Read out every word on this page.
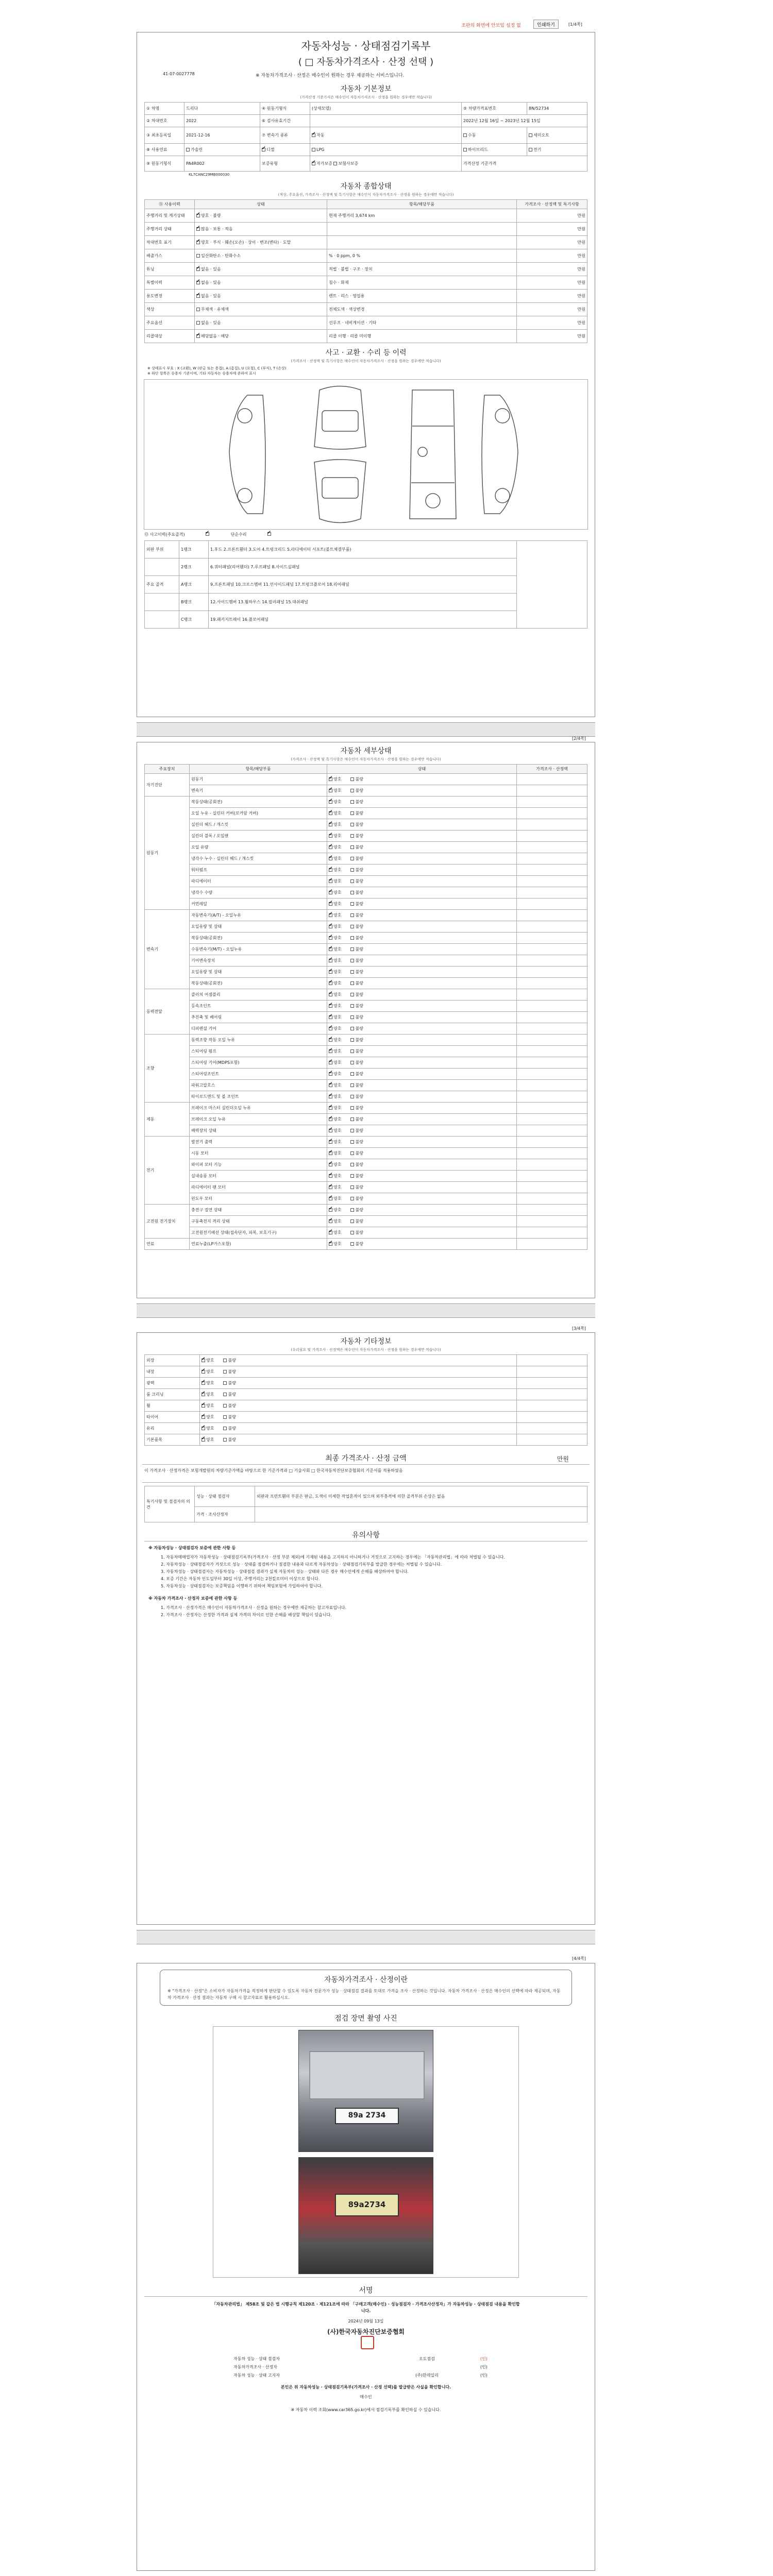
조판의 화면에 안보임 설정 없	인쇄하기	[1/4쪽]
자동차성능 · 상태점검기록부
( □ 자동차가격조사 · 산정 선택 )
41-07-0027778	※ 자동차가격조사 · 산정은 매수인이 원하는 경우 제공하는 서비스입니다.
자동차 기본정보
(가격산정 기준가격은 매수인이 자동차가격조사 · 산정을 원하는 경우에만 적습니다)
① 차명	드리다	④ 원동기형식	(상세모델)	⑤ 차량가격표번호	8N/52734
② 차대번호	2022	⑥ 검사유효기간		2022년 12월 16일 ~ 2023년 12월 15일	
③ 최초등록일	2021-12-16	⑦ 변속기 종류	✔자동	수동	세미오토
⑧ 사용연료	가솔린	✔디젤	LPG	하이브리드	전기
⑨ 원동기형식	PA4R002	보증유형	✔자가보증 보험사보증	가격산정 기준가격	
KL7CANC29MB000030
자동차 종합상태
(색상, 주요옵션, 가격조사 · 산정액 및 특기사항은 매수인이 자동차가격조사 · 산정을 원하는 경우에만 적습니다)
⑪ 사용이력	상태	항목/해당부품	가격조사 · 산정액 및 특기사항
주행거리 및 계기상태	✔양호 · 불량	현재 주행거리 3,674 km	만원
주행거리 상태	✔많음 · 보통 · 적음		만원
차대번호 표기	✔양호 · 부식 · 훼손(오손) · 상이 · 변조(변타) · 도말		만원
배출가스	일산화탄소 · 탄화수소	% · 0 ppm, 0 %	만원
튜닝	✔없음 · 있음	적법 · 불법 · 구조 · 장치	만원
특별이력	✔없음 · 있음	침수 · 화재	만원
용도변경	✔없음 · 있음	렌트 · 리스 · 영업용	만원
색상	무채색 · 유채색	전체도색 · 색상변경	만원
주요옵션	없음 · 있음	선루프 · 네비게이션 · 기타	만원
리콜대상	✔해당없음 · 해당	리콜 이행 · 리콜 미이행	만원
사고 · 교환 · 수리 등 이력
(가격조사 · 산정액 및 특기사항은 매수인이 자동차가격조사 · 산정을 원하는 경우에만 적습니다)
※ 상태표시 부호 : X (교환), W (판금 또는 용접), A (흠집), U (요철), C (부식), T (손상)
※ 하단 항목은 승용차 기준이며, 기타 자동차는 승용차에 준하여 표시
⑬ 사고이력(주요골격) ✔	단순수리
✔
외판 부위	1랭크	1.후드 2.프론트휀더 3.도어 4.트렁크리드 5.라디에이터 서포트(볼트체결부품)	
	2랭크	6.쿼터패널(리어휀더) 7.루프패널 8.사이드실패널	
주요 골격	A랭크	9.프론트패널 10.크로스멤버 11.인사이드패널 17.트렁크플로어 18.리어패널	
	B랭크	12.사이드멤버 13.휠하우스 14.필러패널 15.대쉬패널	
	C랭크	19.패키지트레이 16.플로어패널	
[2/4쪽]
자동차 세부상태
(가격조사 · 산정액 및 특기사항은 매수인이 자동차가격조사 · 산정을 원하는 경우에만 적습니다)
주요장치	항목/해당부품	상태	가격조사 · 산정액
자기진단	원동기	✔양호 불량	
	변속기	✔양호 불량	
원동기	작동상태(공회전)	✔양호 불량	
	오일 누유 - 실린더 커버(로커암 커버)	✔양호 불량	
	실린더 헤드 / 개스킷	✔양호 불량	
	실린더 블록 / 오일팬	✔양호 불량	
	오일 유량	✔양호 불량	
	냉각수 누수 - 실린더 헤드 / 개스킷	✔양호 불량	
	워터펌프	✔양호 불량	
	라디에이터	✔양호 불량	
	냉각수 수량	✔양호 불량	
	커먼레일	✔양호 불량	
변속기	자동변속기(A/T) - 오일누유	✔양호 불량	
	오일유량 및 상태	✔양호 불량	
	작동상태(공회전)	✔양호 불량	
	수동변속기(M/T) - 오일누유	✔양호 불량	
	기어변속장치	✔양호 불량	
	오일유량 및 상태	✔양호 불량	
	작동상태(공회전)	✔양호 불량	
동력전달	클러치 어셈블리	✔양호 불량	
	등속조인트	✔양호 불량	
	추진축 및 베어링	✔양호 불량	
	디퍼렌셜 기어	✔양호 불량	
조향	동력조향 작동 오일 누유	✔양호 불량	
	스티어링 펌프	✔양호 불량	
	스티어링 기어(MDPS포함)	✔양호 불량	
	스티어링조인트	✔양호 불량	
	파워고압호스	✔양호 불량	
	타이로드엔드 및 볼 조인트	✔양호 불량	
제동	브레이크 마스터 실린더오일 누유	✔양호 불량	
	브레이크 오일 누유	✔양호 불량	
	배력장치 상태	✔양호 불량	
전기	발전기 출력	✔양호 불량	
	시동 모터	✔양호 불량	
	와이퍼 모터 기능	✔양호 불량	
	실내송풍 모터	✔양호 불량	
	라디에이터 팬 모터	✔양호 불량	
	윈도우 모터	✔양호 불량	
고전원 전기장치	충전구 절연 상태	✔양호 불량	
	구동축전지 격리 상태	✔양호 불량	
	고전원전기배선 상태(접속단자, 피복, 보호기구)	✔양호 불량	
연료	연료누출(LP가스포함)	✔양호 불량	
[3/4쪽]
자동차 기타정보
(수리필요 및 가격조사 · 산정액은 매수인이 자동차가격조사 · 산정을 원하는 경우에만 적습니다)
외장	✔양호 불량	
내장	✔양호 불량	
광택	✔양호 불량	
룸 크리닝	✔양호 불량	
휠	✔양호 불량	
타이어	✔양호 불량	
유리	✔양호 불량	
기본품목	✔양호 불량	
최종 가격조사 · 산정 금액
이 가격조사 · 산정가격은 보험개발원의 차량기준가액을 바탕으로 한 기준가격과 □ 기술사회 □ 한국자동차진단보증협회의 기준서를 적용하였음
만원
특기사항 및 점검자의 의견	성능 · 상태 점검자	외판과 프런트휀더 부분은 판금, 도색이 미세한 작업흔적이 있으며 외부충격에 의한 골격부위 손상은 없음
	가격 · 조사산정자	
유의사항
※ 자동차성능 · 상태점검자 보증에 관한 사항 등
1. 자동차매매업자가 자동차성능 · 상태점검기록부(가격조사 · 산정 부분 제외)에 기재된 내용을 고지하지 아니하거나 거짓으로 고지하는 경우에는 「자동차관리법」에 따라 처벌될 수 있습니다.
2. 자동차성능 · 상태점검자가 거짓으로 성능 · 상태를 점검하거나 점검한 내용과 다르게 자동차성능 · 상태점검기록부를 발급한 경우에는 처벌될 수 있습니다.
3. 자동차성능 · 상태점검자는 자동차성능 · 상태점검 결과가 실제 자동차의 성능 · 상태와 다른 경우 매수인에게 손해를 배상하여야 합니다.
4. 보증 기간은 자동차 인도일부터 30일 이상, 주행거리는 2천킬로미터 이상으로 합니다.
5. 자동차성능 · 상태점검자는 보증책임을 이행하기 위하여 책임보험에 가입하여야 합니다.
※ 자동차 가격조사 · 산정자 보증에 관한 사항 등
1. 가격조사 · 산정가격은 매수인이 자동차가격조사 · 산정을 원하는 경우에만 제공하는 참고자료입니다.
2. 가격조사 · 산정자는 산정한 가격과 실제 가격의 차이로 인한 손해를 배상할 책임이 있습니다.
[4/4쪽]
자동차가격조사 · 산정이란
※ "가격조사 · 산정"은 소비자가 자동차가격을 적정하게 판단할 수 있도록 자동차 전문가가 성능 · 상태점검 결과를 토대로 가격을 조사 · 산정하는 것입니다. 자동차 가격조사 · 산정은 매수인의 선택에 따라 제공되며, 자동차 가격조사 · 산정 결과는 자동차 구매 시 참고자료로 활용하십시오.
점검 장면 촬영 사진
89a 2734
89a2734
서명
「자동차관리법」 제58조 및 같은 법 시행규칙 제120조 · 제121조에 따라 「구매고객(매수인) · 성능점검자 · 가격조사산정자」가 자동차성능 · 상태점검 내용을 확인합니다.
2024년 09월 13일
(사)한국자동차진단보증협회
자동차 성능 · 상태 점검자	오도점검	(인)
자동차가격조사 · 산정자		(인)
자동차 성능 · 상태 고지자	(주)한데일리	(인)
본인은 위 자동차성능 · 상태점검기록부(가격조사 · 산정 선택)를 발급받은 사실을 확인합니다.
매수인
※ 자동차 이력 조회(www.car365.go.kr)에서 점검기록부를 확인하실 수 있습니다.
